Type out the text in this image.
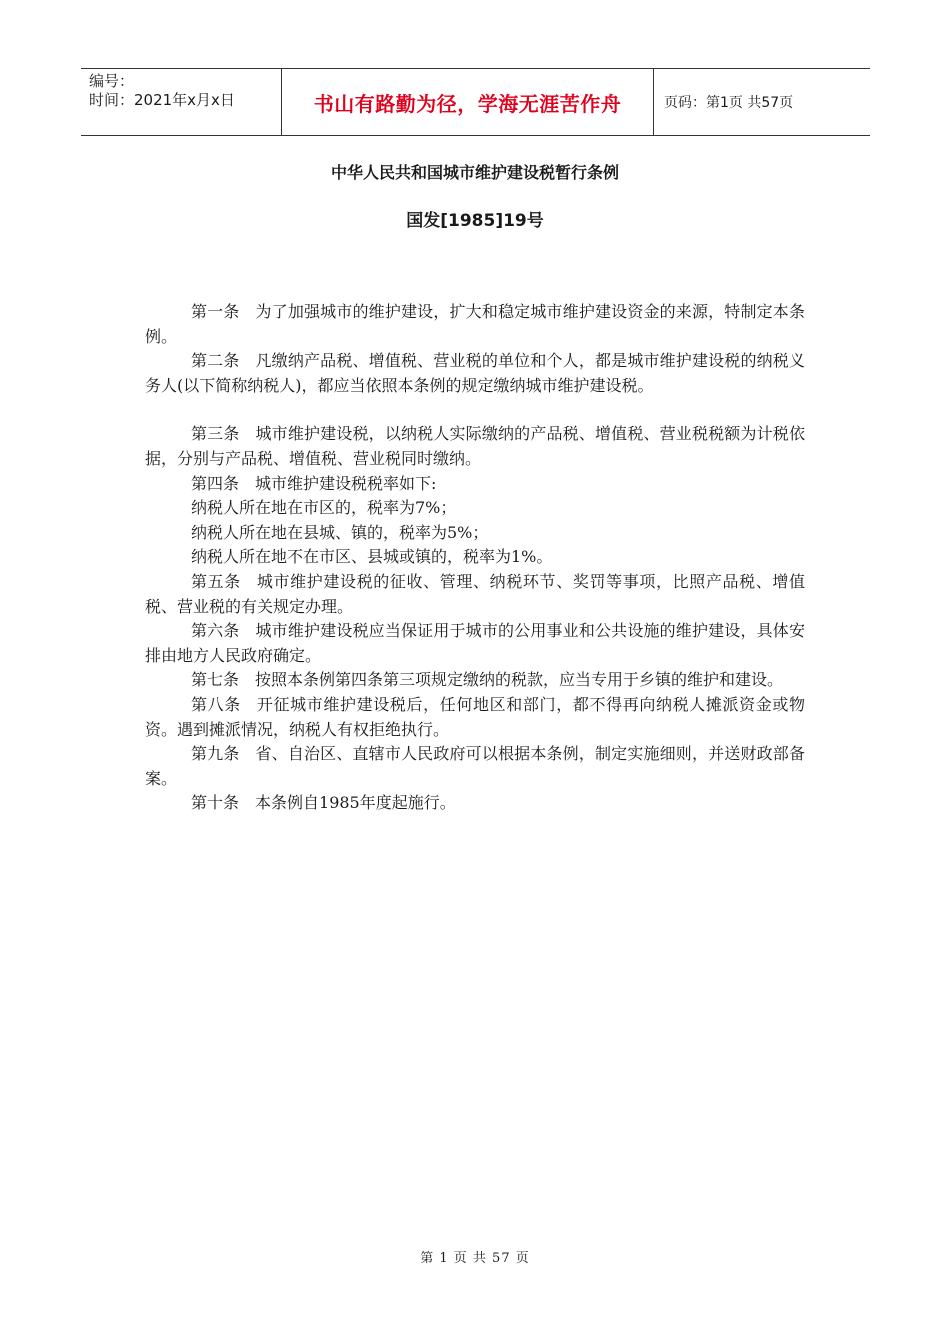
编号：
时间：2021年x月x日	书山有路勤为径，学海无涯苦作舟	页码：第1页 共57页
中华人民共和国城市维护建设税暂行条例
国发[1985]19号

第一条 为了加强城市的维护建设，扩大和稳定城市维护建设资金的来源，特制定本条例。

第二条 凡缴纳产品税、增值税、营业税的单位和个人，都是城市维护建设税的纳税义务人(以下简称纳税人)，都应当依照本条例的规定缴纳城市维护建设税。

第三条 城市维护建设税，以纳税人实际缴纳的产品税、增值税、营业税税额为计税依据，分别与产品税、增值税、营业税同时缴纳。

第四条 城市维护建设税税率如下:

纳税人所在地在市区的，税率为7%；

纳税人所在地在县城、镇的，税率为5%；

纳税人所在地不在市区、县城或镇的，税率为1%。

第五条 城市维护建设税的征收、管理、纳税环节、奖罚等事项，比照产品税、增值税、营业税的有关规定办理。

第六条 城市维护建设税应当保证用于城市的公用事业和公共设施的维护建设，具体安排由地方人民政府确定。

第七条 按照本条例第四条第三项规定缴纳的税款，应当专用于乡镇的维护和建设。

第八条 开征城市维护建设税后，任何地区和部门，都不得再向纳税人摊派资金或物资。遇到摊派情况，纳税人有权拒绝执行。

第九条 省、自治区、直辖市人民政府可以根据本条例，制定实施细则，并送财政部备案。

第十条 本条例自1985年度起施行。

第 1 页 共 57 页
